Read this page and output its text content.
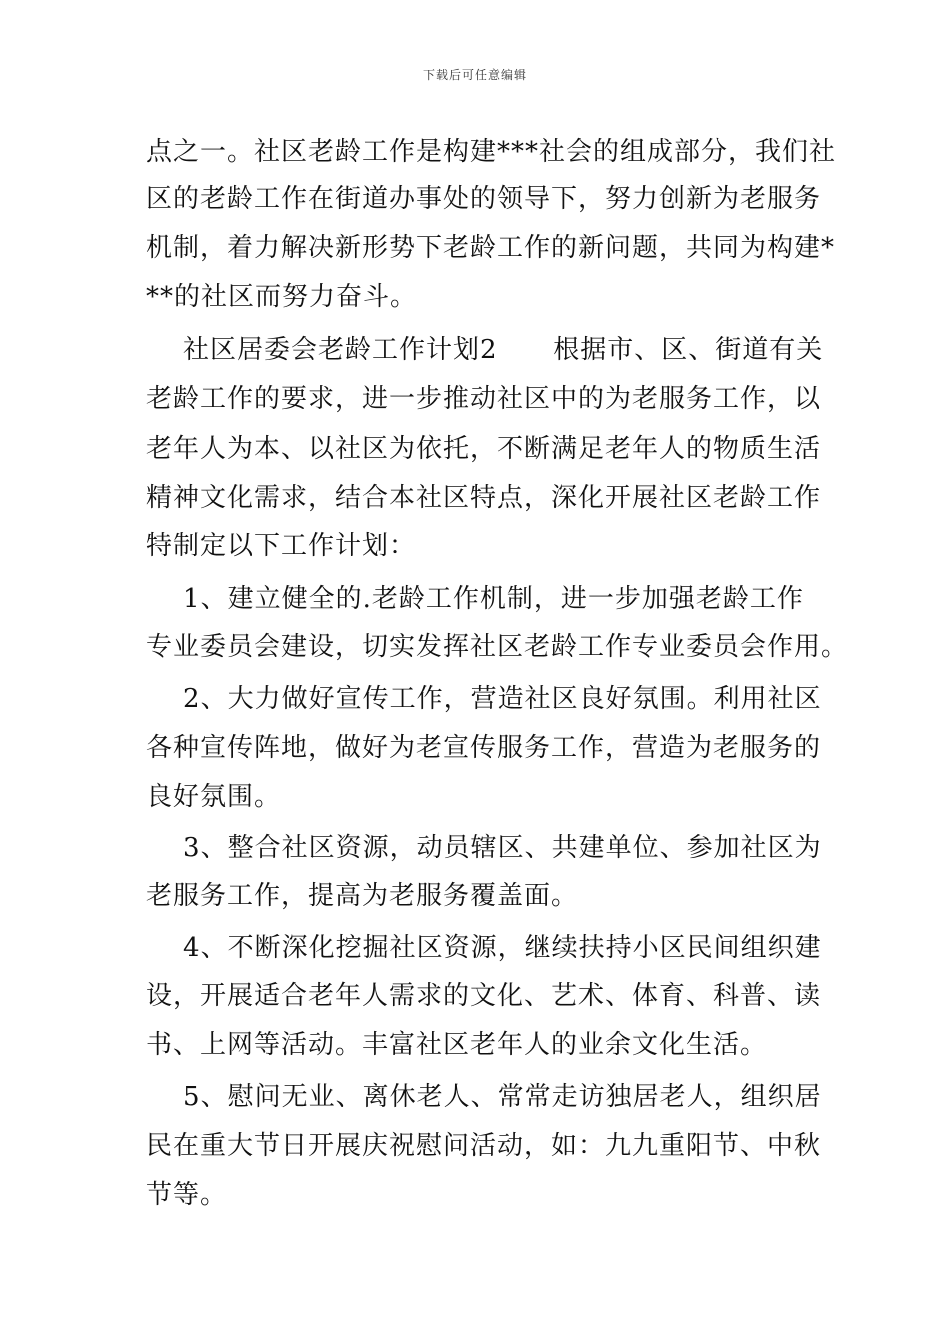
下载后可任意编辑
点之一。社区老龄工作是构建***社会的组成部分，我们社
区的老龄工作在街道办事处的领导下，努力创新为老服务
机制，着力解决新形势下老龄工作的新问题，共同为构建*
**的社区而努力奋斗。
社区居委会老龄工作计划2      根据市、区、街道有关
老龄工作的要求，进一步推动社区中的为老服务工作，以
老年人为本、以社区为依托，不断满足老年人的物质生活
精神文化需求，结合本社区特点，深化开展社区老龄工作
特制定以下工作计划：
1、建立健全的.老龄工作机制，进一步加强老龄工作
专业委员会建设，切实发挥社区老龄工作专业委员会作用。
2、大力做好宣传工作，营造社区良好氛围。利用社区
各种宣传阵地，做好为老宣传服务工作，营造为老服务的
良好氛围。
3、整合社区资源，动员辖区、共建单位、参加社区为
老服务工作，提高为老服务覆盖面。
4、不断深化挖掘社区资源，继续扶持小区民间组织建
设，开展适合老年人需求的文化、艺术、体育、科普、读
书、上网等活动。丰富社区老年人的业余文化生活。
5、慰问无业、离休老人、常常走访独居老人，组织居
民在重大节日开展庆祝慰问活动，如：九九重阳节、中秋
节等。
